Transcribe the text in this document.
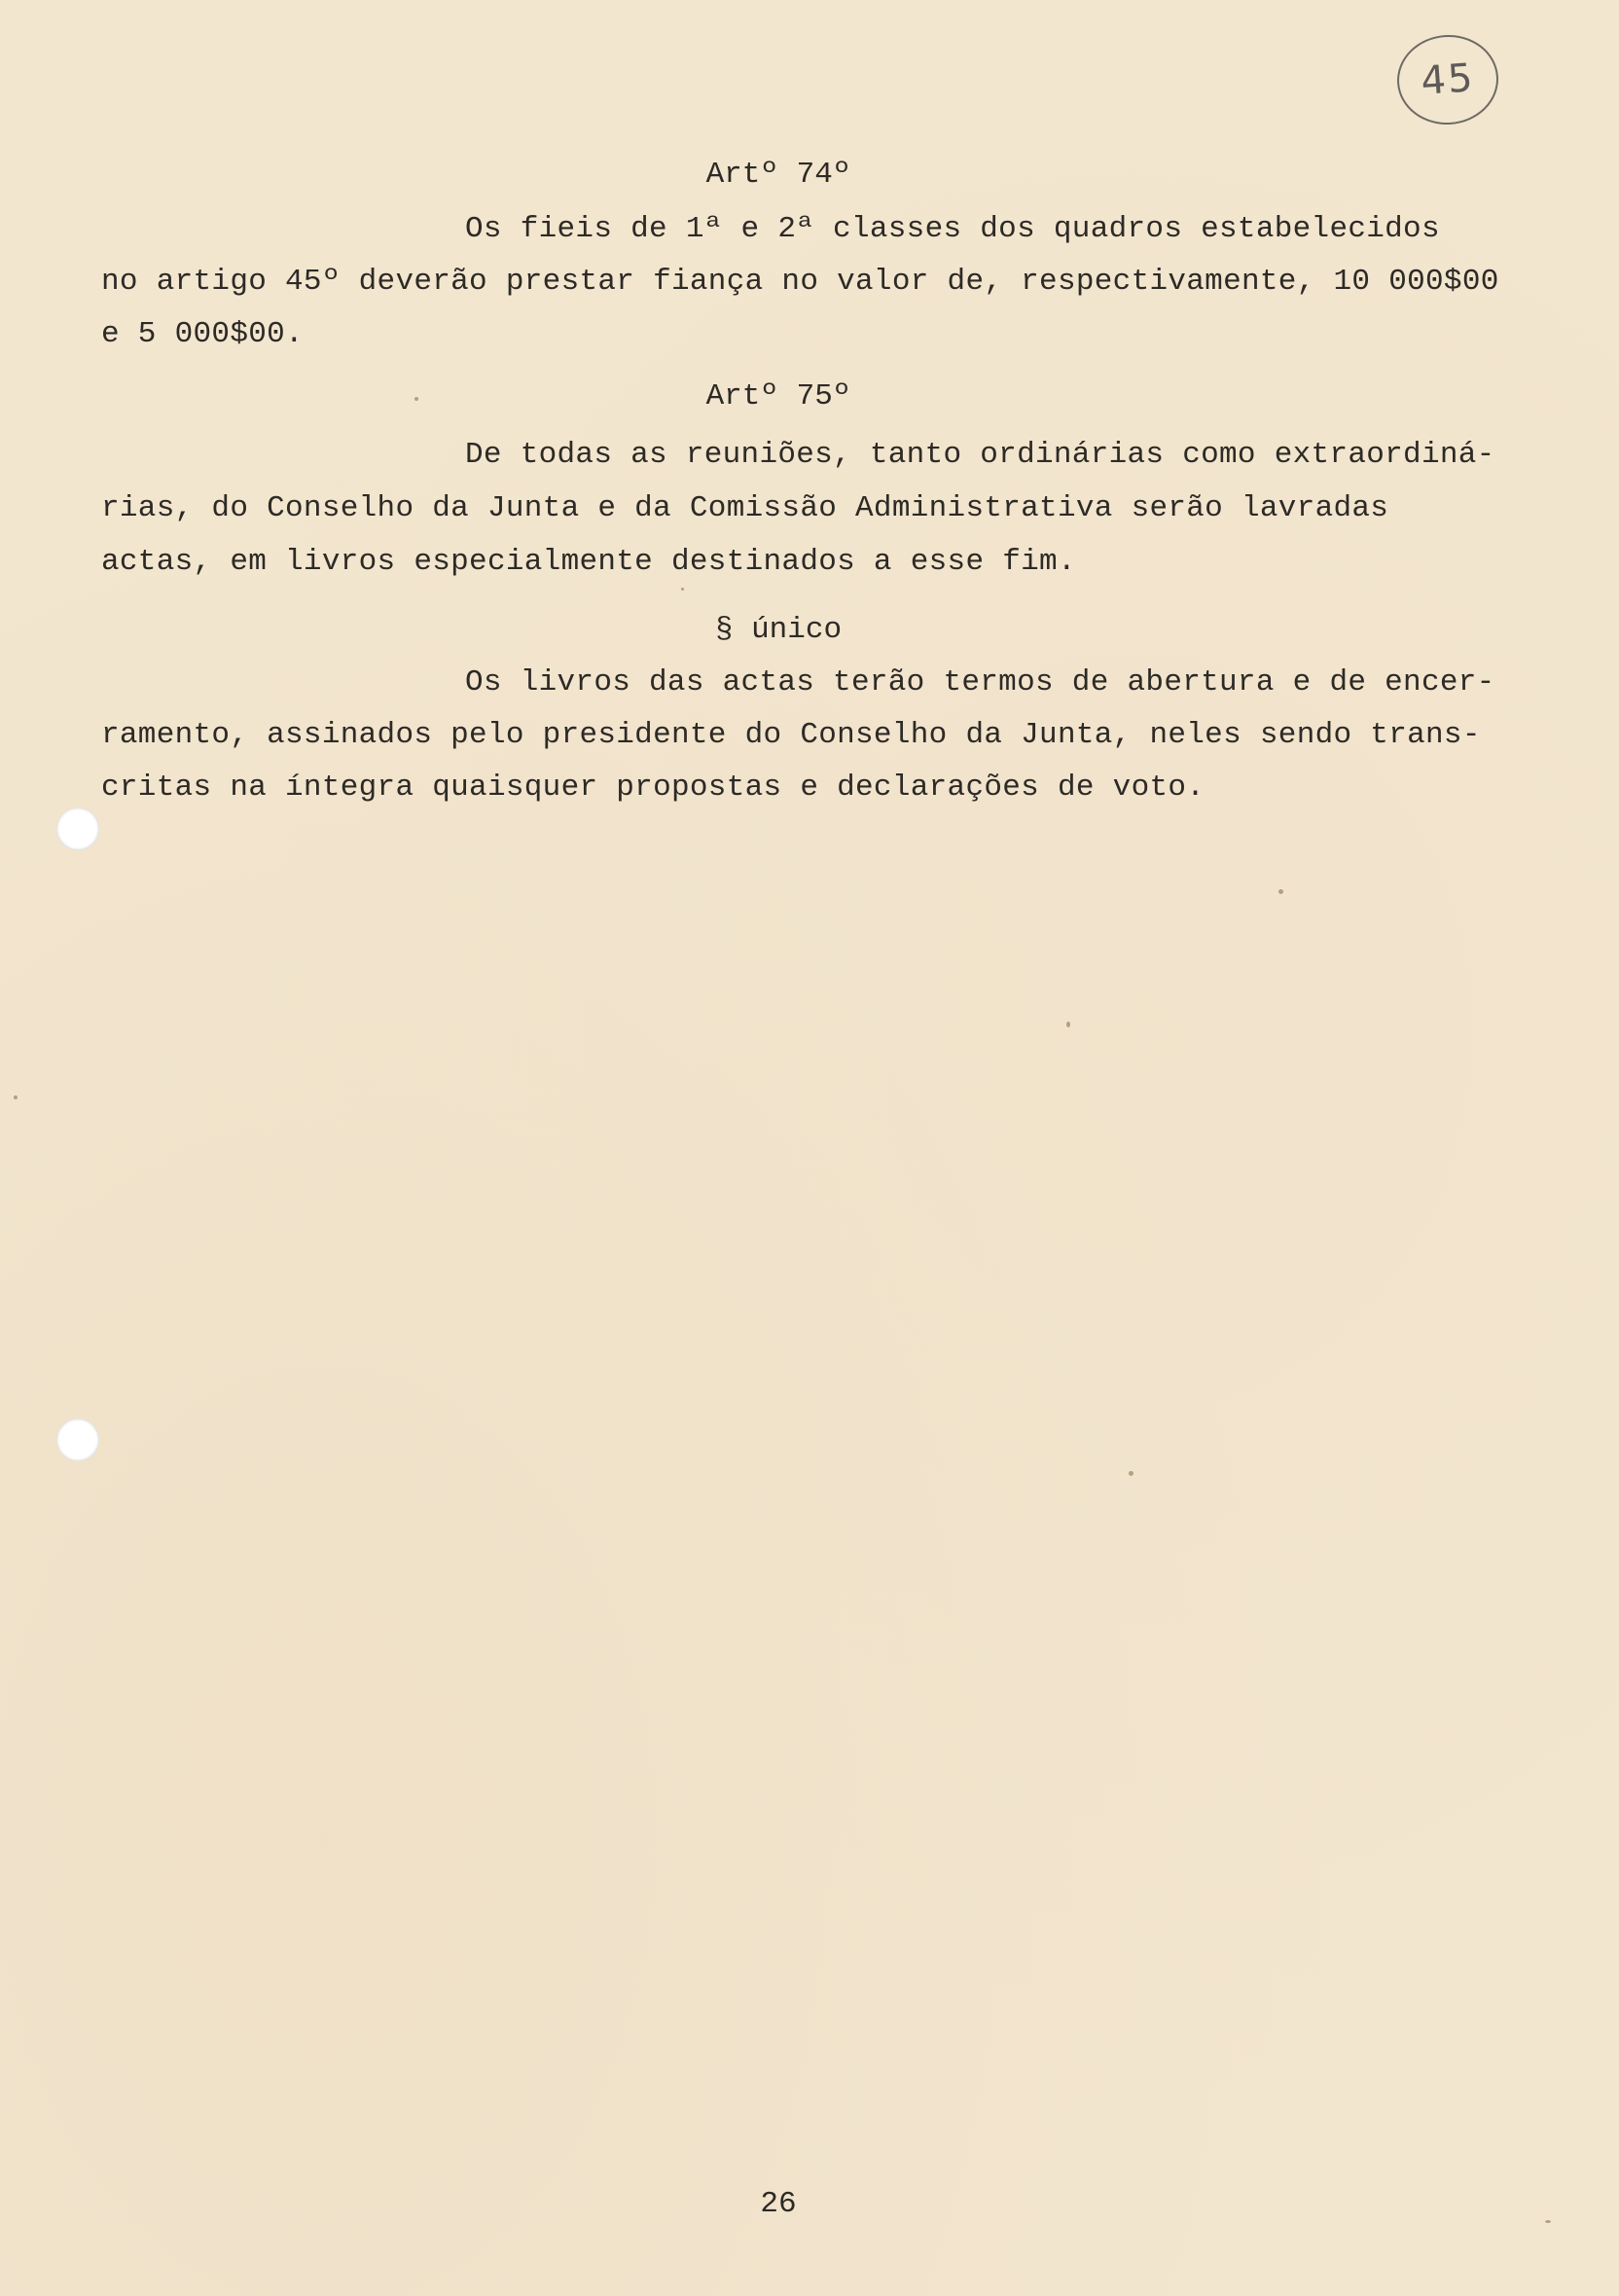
45
Artº 74º
Os fieis de 1ª e 2ª classes dos quadros estabelecidos
no artigo 45º deverão prestar fiança no valor de, respectivamente, 10 000$00
e 5 000$00.
Artº 75º
De todas as reuniões, tanto ordinárias como extraordiná-
rias, do Conselho da Junta e da Comissão Administrativa serão lavradas
actas, em livros especialmente destinados a esse fim.
§ único
Os livros das actas terão termos de abertura e de encer-
ramento, assinados pelo presidente do Conselho da Junta, neles sendo trans-
critas na íntegra quaisquer propostas e declarações de voto.
26
